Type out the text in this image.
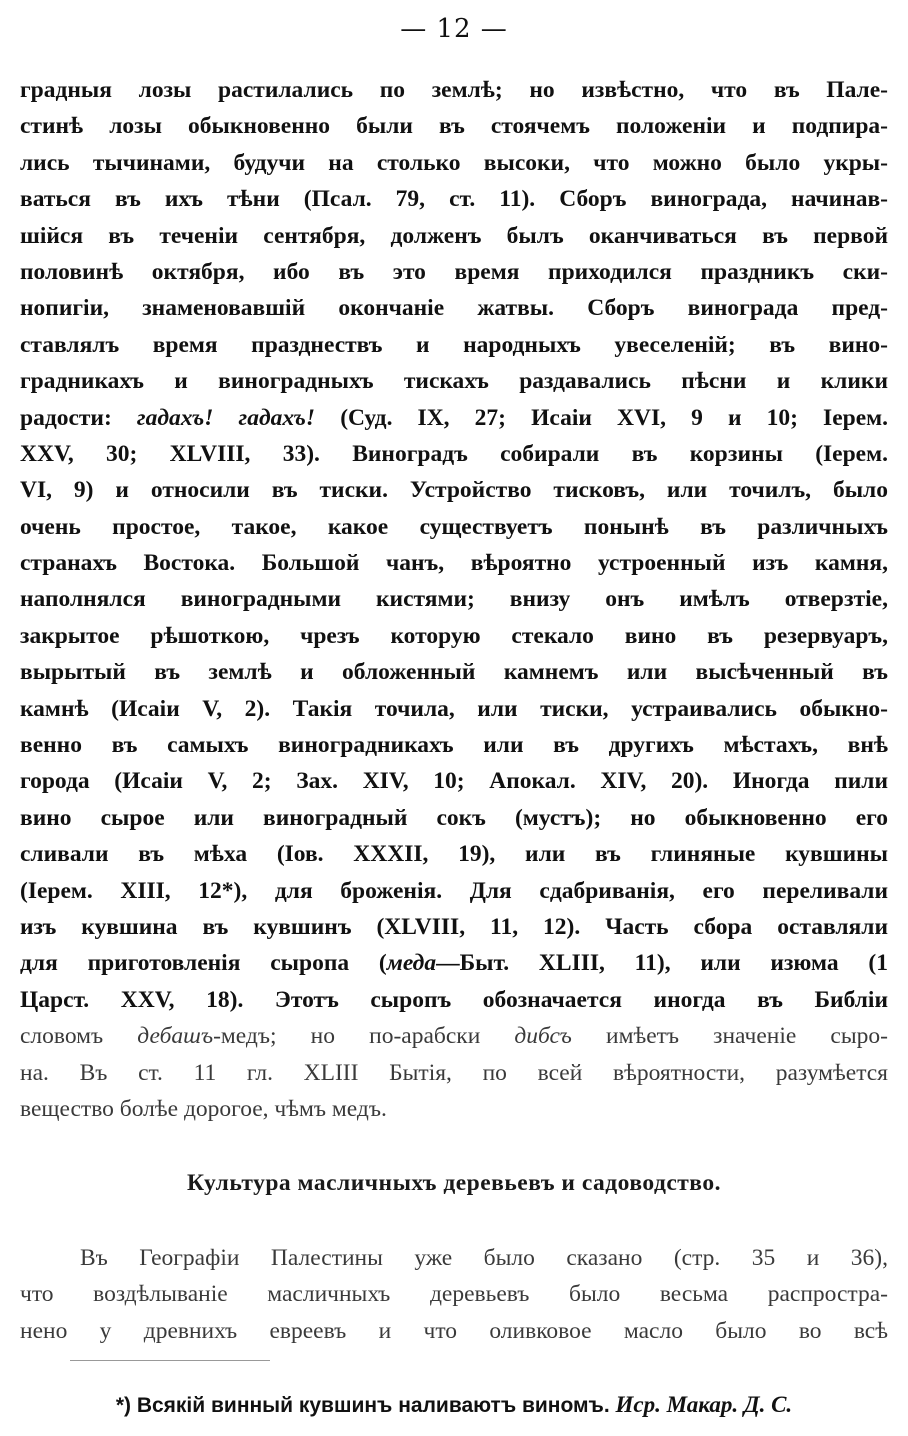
— 12 —
градныя лозы растилались по землѣ; но извѣстно, что въ Пале-
стинѣ лозы обыкновенно были въ стоячемъ положеніи и подпира-
лись тычинами, будучи на столько высоки, что можно было укры-
ваться въ ихъ тѣни (Псал. 79, ст. 11). Сборъ винограда, начинав-
шійся въ теченіи сентября, долженъ былъ оканчиваться въ первой
половинѣ октября, ибо въ это время приходился праздникъ ски-
нопигіи, знаменовавшій окончаніе жатвы. Сборъ винограда пред-
ставлялъ время празднествъ и народныхъ увеселеній; въ вино-
градникахъ и виноградныхъ тискахъ раздавались пѣсни и клики
радости: гадахъ! гадахъ! (Суд. IX, 27; Исаіи XVI, 9 и 10; Iерем.
XXV, 30; XLVIII, 33). Виноградъ собирали въ корзины (Iерем.
VI, 9) и относили въ тиски. Устройство тисковъ, или точилъ, было
очень простое, такое, какое существуетъ понынѣ въ различныхъ
странахъ Востока. Большой чанъ, вѣроятно устроенный изъ камня,
наполнялся виноградными кистями; внизу онъ имѣлъ отверзтіе,
закрытое рѣшоткою, чрезъ которую стекало вино въ резервуаръ,
вырытый въ землѣ и обложенный камнемъ или высѣченный въ
камнѣ (Исаіи V, 2). Такія точила, или тиски, устраивались обыкно-
венно въ самыхъ виноградникахъ или въ другихъ мѣстахъ, внѣ
города (Исаіи V, 2; Зах. XIV, 10; Апокал. XIV, 20). Иногда пили
вино сырое или виноградный сокъ (мустъ); но обыкновенно его
сливали въ мѣха (Iов. XXXII, 19), или въ глиняные кувшины
(Iерем. XIII, 12*), для броженія. Для сдабриванія, его переливали
изъ кувшина въ кувшинъ (XLVIII, 11, 12). Часть сбора оставляли
для приготовленія сыропа (меда—Быт. XLIII, 11), или изюма (1
Царст. XXV, 18). Этотъ сыропъ обозначается иногда въ Библіи
словомъ дебашъ-медъ; но по-арабски дибсъ имѣетъ значеніе сыро-
на. Въ ст. 11 гл. XLIII Бытія, по всей вѣроятности, разумѣется
вещество болѣе дорогое, чѣмъ медъ.
Культура масличныхъ деревьевъ и садоводство.
Въ Географіи Палестины уже было сказано (стр. 35 и 36),
что воздѣлываніе масличныхъ деревьевъ было весьма распростра-
нено у древнихъ евреевъ и что оливковое масло было во всѣ
*) Всякій винный кувшинъ наливаютъ виномъ. Иср. Макар. Д. С.
